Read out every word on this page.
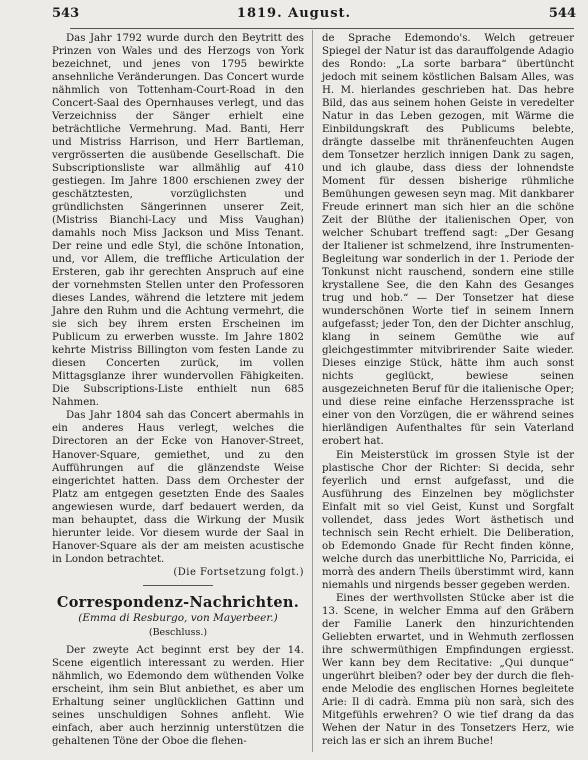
543	1819. August.	544

Das Jahr 1792 wurde durch den Beytritt des Prinzen von Wales und des Herzogs von York bezeichnet, und jenes von 1795 bewirkte ansehnliche Veränderungen. Das Concert wurde nähmlich von Tottenham-Court-Road in den Concert-Saal des Opernhauses verlegt, und das Verzeichniss der Sänger erhielt eine beträchtliche Vermehrung. Mad. Banti, Herr und Mistriss Harrison, und Herr Bartleman, vergrösserten die ausübende Gesellschaft. Die Subscriptionsliste war allmählig auf 410 gestiegen. Im Jahre 1800 erschienen zwey der geschätztesten, vorzüglichsten und gründlichsten Sängerinnen unserer Zeit, (Mistriss Bianchi-Lacy und Miss Vaughan) damahls noch Miss Jackson und Miss Tenant. Der reine und edle Styl, die schöne Intonation, und, vor Allem, die treffliche Articulation der Ersteren, gab ihr gerechten Anspruch auf eine der vornehmsten Stellen unter den Professoren dieses Landes, während die letztere mit jedem Jahre den Ruhm und die Achtung vermehrt, die sie sich bey ihrem ersten Erscheinen im Publicum zu erwerben wusste. Im Jahre 1802 kehrte Mistriss Billington vom festen Lande zu diesen Concerten zurück, im vollen Mittagsglanze ihrer wundervollen Fähigkeiten. Die Subscriptions-Liste enthielt nun 685 Nahmen.

Das Jahr 1804 sah das Concert abermahls in ein anderes Haus verlegt, welches die Directoren an der Ecke von Hanover-Street, Hanover-Square, gemiethet, und zu den Aufführungen auf die glänzendste Weise eingerichtet hatten. Dass dem Orchester der Platz am entgegen gesetzten Ende des Saales angewiesen wurde, darf bedauert werden, da man behauptet, dass die Wirkung der Musik hierunter leide. Vor diesem wurde der Saal in Hanover-Square als der am meisten acustische in London betrachtet.

(Die Fortsetzung folgt.)

Correspondenz-Nachrichten.
(Emma di Resburgo, von Mayerbeer.)
(Beschluss.)

Der zweyte Act beginnt erst bey der 14. Scene eigentlich interessant zu werden. Hier nähmlich, wo Edemondo dem wüthenden Volke erscheint, ihm sein Blut anbiethet, es aber um Erhaltung seiner unglücklichen Gattinn und seines unschuldigen Sohnes anfleht. Wie einfach, aber auch herzinnig unterstützen die gehaltenen Töne der Oboe die flehen-

de Sprache Edemondo's. Welch getreuer Spiegel der Natur ist das darauffolgende Adagio des Rondo: „La sorte barbara“ übertüncht jedoch mit seinem köstlichen Balsam Alles, was H. M. hierlandes geschrieben hat. Das hebre Bild, das aus seinem hohen Geiste in veredelter Natur in das Leben gezogen, mit Wärme die Einbildungskraft des Publicums belebte, drängte dasselbe mit thränenfeuchten Augen dem Tonsetzer herzlich innigen Dank zu sagen, und ich glaube, dass diess der lohnendste Moment für dessen bisherige rühmliche Bemühungen gewesen seyn mag. Mit dankbarer Freude erinnert man sich hier an die schöne Zeit der Blüthe der italienischen Oper, von welcher Schubart treffend sagt: „Der Gesang der Italiener ist schmelzend, ihre Instrumenten-Begleitung war sonderlich in der 1. Periode der Tonkunst nicht rauschend, sondern eine stille krystallene See, die den Kahn des Gesanges trug und hob.“ — Der Tonsetzer hat diese wunderschönen Worte tief in seinem Innern aufgefasst; jeder Ton, den der Dichter anschlug, klang in seinem Gemüthe wie auf gleichgestimmter mitvibrirender Saite wieder. Dieses einzige Stück, hätte ihm auch sonst nichts geglückt, bewiese seinen ausgezeichneten Beruf für die italienische Oper; und diese reine einfache Herzenssprache ist einer von den Vorzügen, die er während seines hierländigen Aufenthaltes für sein Vaterland erobert hat.

Ein Meisterstück im grossen Style ist der plastische Chor der Richter: Si decida, sehr feyerlich und ernst aufgefasst, und die Ausführung des Einzelnen bey möglichster Einfalt mit so viel Geist, Kunst und Sorgfalt vollendet, dass jedes Wort ästhetisch und technisch sein Recht erhielt. Die Deliberation, ob Edemondo Gnade für Recht finden könne, welche durch das unerbittliche No, Parricida, ei morrà des andern Theils überstimmt wird, kann niemahls und nirgends besser gegeben werden.

Eines der werthvollsten Stücke aber ist die 13. Scene, in welcher Emma auf den Gräbern der Familie Lanerk den hinzurichtenden Geliebten erwartet, und in Wehmuth zerflossen ihre schwermüthigen Empfindungen ergiesst. Wer kann bey dem Recitative: „Qui dunque“ ungerührt bleiben? oder bey der durch die flehende Melodie des englischen Hornes begleitete Arie: Il di cadrà. Emma più non sarà, sich des Mitgefühls erwehren? O wie tief drang da das Wehen der Natur in des Tonsetzers Herz, wie reich las er sich an ihrem Buche!
